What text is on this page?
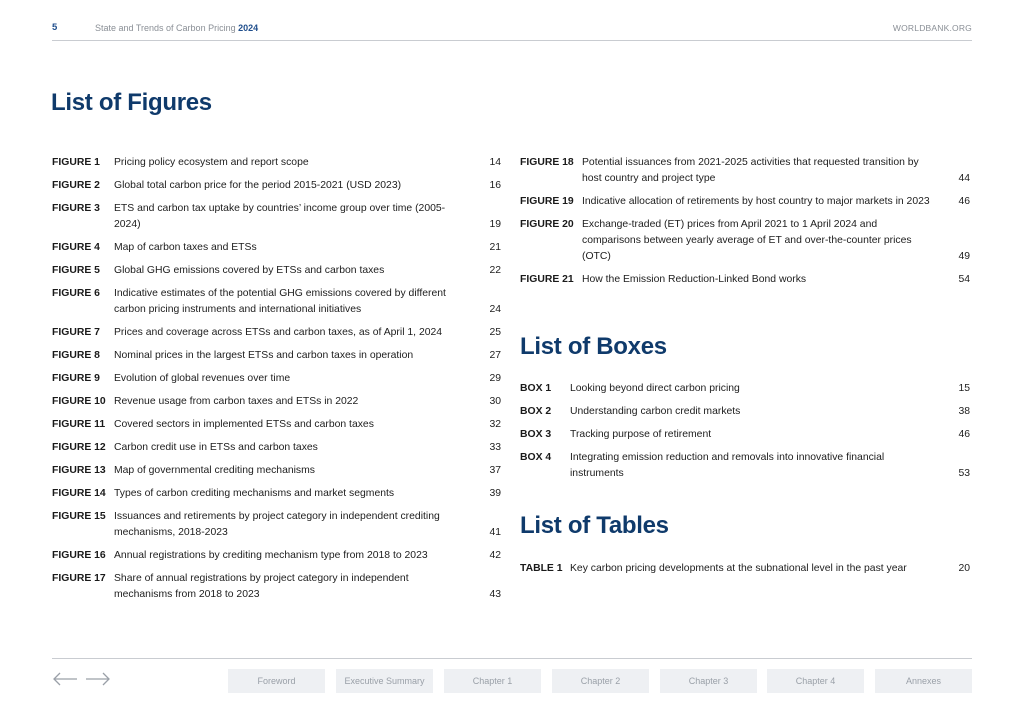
5	State and Trends of Carbon Pricing 2024	WORLDBANK.ORG
List of Figures
FIGURE 1	Pricing policy ecosystem and report scope	14
FIGURE 2	Global total carbon price for the period 2015-2021 (USD 2023)	16
FIGURE 3	ETS and carbon tax uptake by countries’ income group over time (2005-2024)	19
FIGURE 4	Map of carbon taxes and ETSs	21
FIGURE 5	Global GHG emissions covered by ETSs and carbon taxes	22
FIGURE 6	Indicative estimates of the potential GHG emissions covered by different carbon pricing instruments and international initiatives	24
FIGURE 7	Prices and coverage across ETSs and carbon taxes, as of April 1, 2024	25
FIGURE 8	Nominal prices in the largest ETSs and carbon taxes in operation	27
FIGURE 9	Evolution of global revenues over time	29
FIGURE 10 Revenue usage from carbon taxes and ETSs in 2022	30
FIGURE 11 Covered sectors in implemented ETSs and carbon taxes	32
FIGURE 12 Carbon credit use in ETSs and carbon taxes	33
FIGURE 13 Map of governmental crediting mechanisms	37
FIGURE 14 Types of carbon crediting mechanisms and market segments	39
FIGURE 15 Issuances and retirements by project category in independent crediting mechanisms, 2018-2023	41
FIGURE 16 Annual registrations by crediting mechanism type from 2018 to 2023	42
FIGURE 17 Share of annual registrations by project category in independent mechanisms from 2018 to 2023	43
FIGURE 18 Potential issuances from 2021-2025 activities that requested transition by host country and project type	44
FIGURE 19 Indicative allocation of retirements by host country to major markets in 2023	46
FIGURE 20 Exchange-traded (ET) prices from April 2021 to 1 April 2024 and comparisons between yearly average of ET and over-the-counter prices (OTC)	49
FIGURE 21 How the Emission Reduction-Linked Bond works	54
List of Boxes
BOX 1	Looking beyond direct carbon pricing	15
BOX 2	Understanding carbon credit markets	38
BOX 3	Tracking purpose of retirement	46
BOX 4	Integrating emission reduction and removals into innovative financial instruments	53
List of Tables
TABLE 1 Key carbon pricing developments at the subnational level in the past year	20
Foreword	Executive Summary	Chapter 1	Chapter 2	Chapter 3	Chapter 4	Annexes
